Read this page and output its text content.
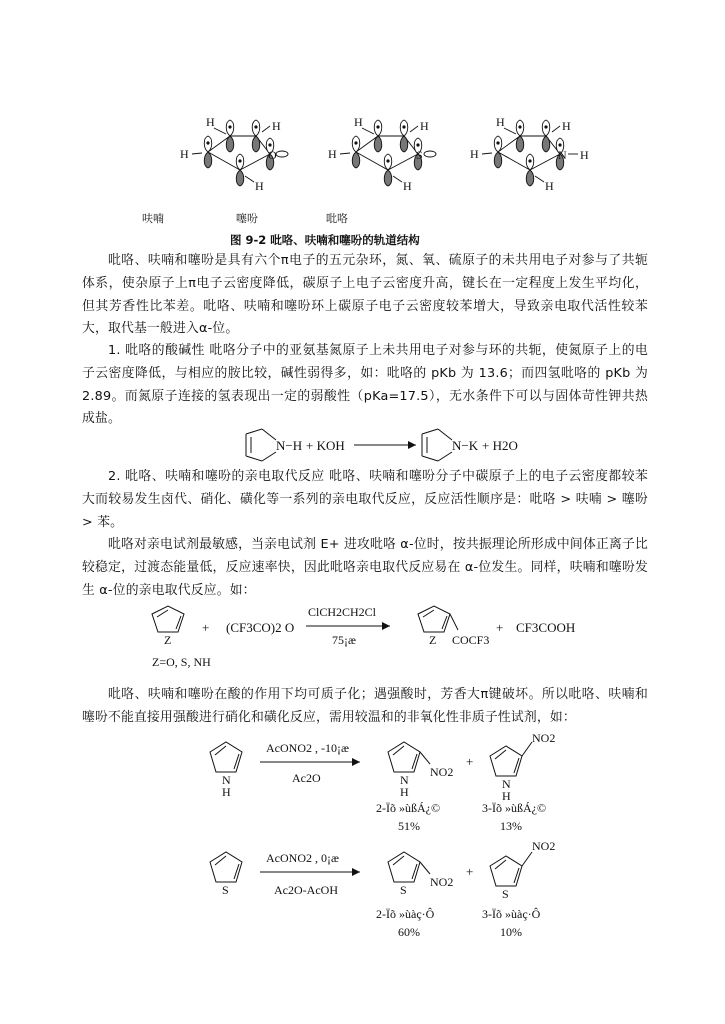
H	H
H
H
O
H	H
H
H
S
H	H
H
H
N H
呋喃	噻吩	吡咯
图 9-2 吡咯、呋喃和噻吩的轨道结构
吡咯、呋喃和噻吩是具有六个π电子的五元杂环，氮、氧、硫原子的未共用电子对参与了共轭体系，使杂原子上π电子云密度降低，碳原子上电子云密度升高，键长在一定程度上发生平均化，但其芳香性比苯差。吡咯、呋喃和噻吩环上碳原子电子云密度较苯增大，导致亲电取代活性较苯大，取代基一般进入α-位。
1. 吡咯的酸碱性 吡咯分子中的亚氨基氮原子上未共用电子对参与环的共轭，使氮原子上的电子云密度降低，与相应的胺比较，碱性弱得多，如：吡咯的 pKb 为 13.6；而四氢吡咯的 pKb 为 2.89。而氮原子连接的氢表现出一定的弱酸性（pKa=17.5），无水条件下可以与固体苛性钾共热成盐。
N−H + KOH	N−K + H2O
2. 吡咯、呋喃和噻吩的亲电取代反应 吡咯、呋喃和噻吩分子中碳原子上的电子云密度都较苯大而较易发生卤代、硝化、磺化等一系列的亲电取代反应，反应活性顺序是：吡咯 > 呋喃 > 噻吩 > 苯。
吡咯对亲电试剂最敏感，当亲电试剂 E+ 进攻吡咯 α-位时，按共振理论所形成中间体正离子比较稳定，过渡态能量低，反应速率快，因此吡咯亲电取代反应易在 α-位发生。同样，呋喃和噻吩发生 α-位的亲电取代反应。如：
Z
+ (CF3CO)2 O
ClCH2CH2Cl
75¡æ	Z COCF3
+ CF3COOH
Z=O, S, NH
吡咯、呋喃和噻吩在酸的作用下均可质子化；遇强酸时，芳香大π键破坏。所以吡咯、呋喃和噻吩不能直接用强酸进行硝化和磺化反应，需用较温和的非氧化性非质子性试剂，如：
N
H
AcONO2 , -10¡æ
Ac2O	N
H
NO2
+
N
H
NO2
2-Ïõ »ùßÁ¿©
51%
3-Ïõ »ùßÁ¿©
13%
S
AcONO2 , 0¡æ
Ac2O-AcOH	S
NO2
+
S
NO2
2-Ïõ »ùàç·Ô
60%
3-Ïõ »ùàç·Ô
10%
